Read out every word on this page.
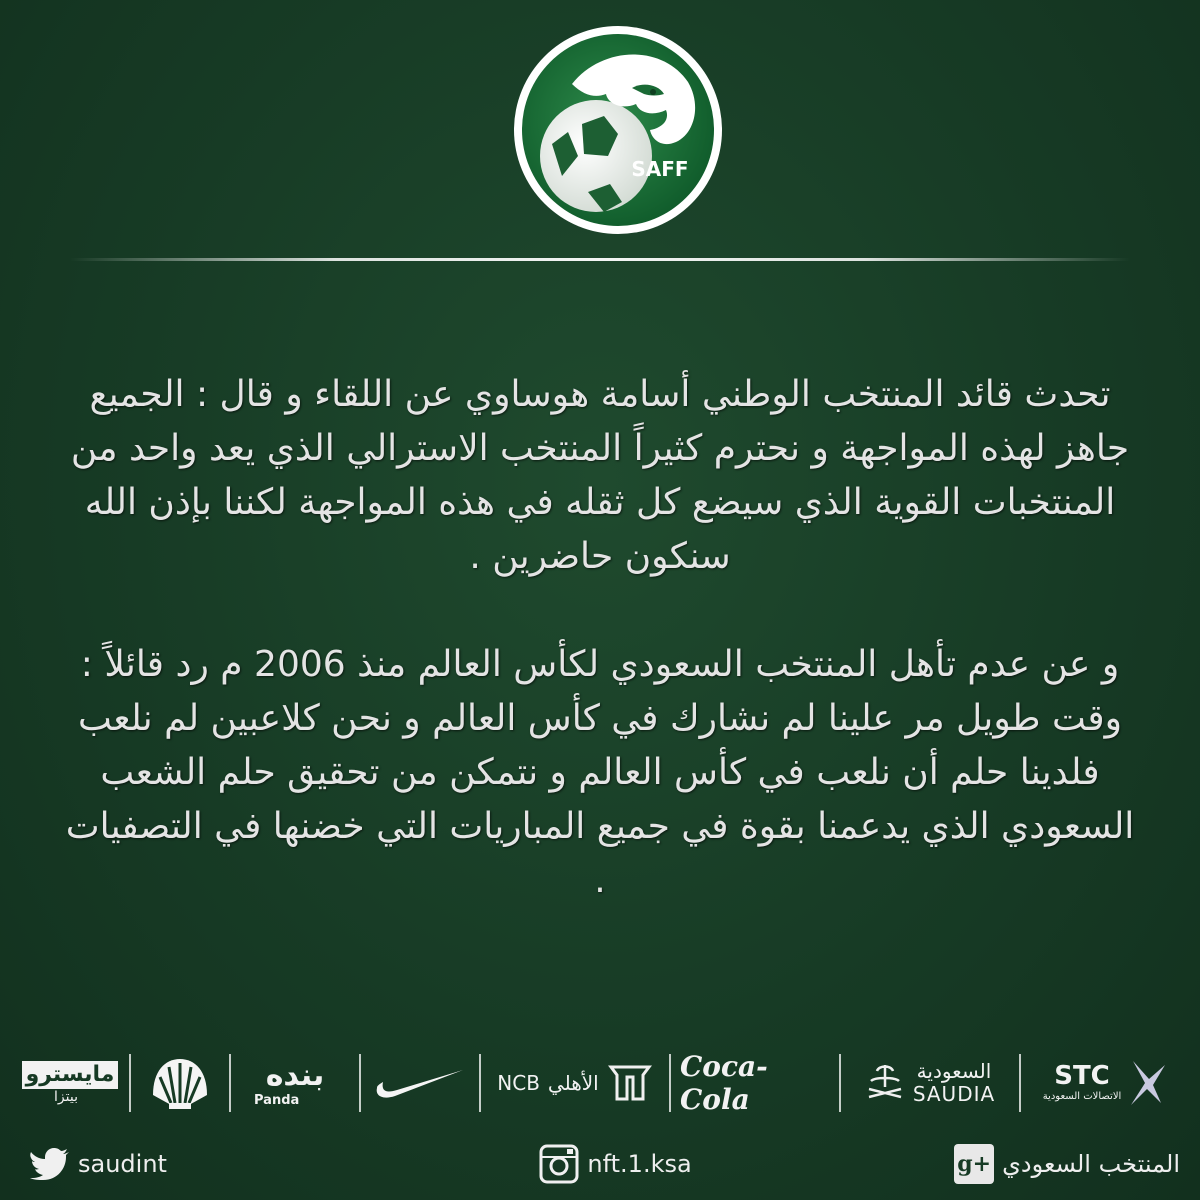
SAFF

تحدث قائد المنتخب الوطني أسامة هوساوي عن اللقاء و قال : الجميع جاهز لهذه المواجهة و نحترم كثيراً المنتخب الاسترالي الذي يعد واحد من المنتخبات القوية الذي سيضع كل ثقله في هذه المواجهة لكننا بإذن الله سنكون حاضرين .

و عن عدم تأهل المنتخب السعودي لكأس العالم منذ 2006 م رد قائلاً : وقت طويل مر علينا لم نشارك في كأس العالم و نحن كلاعبين لم نلعب فلدينا حلم أن نلعب في كأس العالم و نتمكن من تحقيق حلم الشعب السعودي الذي يدعمنا بقوة في جميع المباريات التي خضنها في التصفيات .

مايسترو
بيتزا
بنده
Panda
NCB الأهلي	Coca-Cola
السعودية
SAUDIA
STC
الاتصالات السعودية
saudint	nft.1.ksa	g+ المنتخب السعودي
